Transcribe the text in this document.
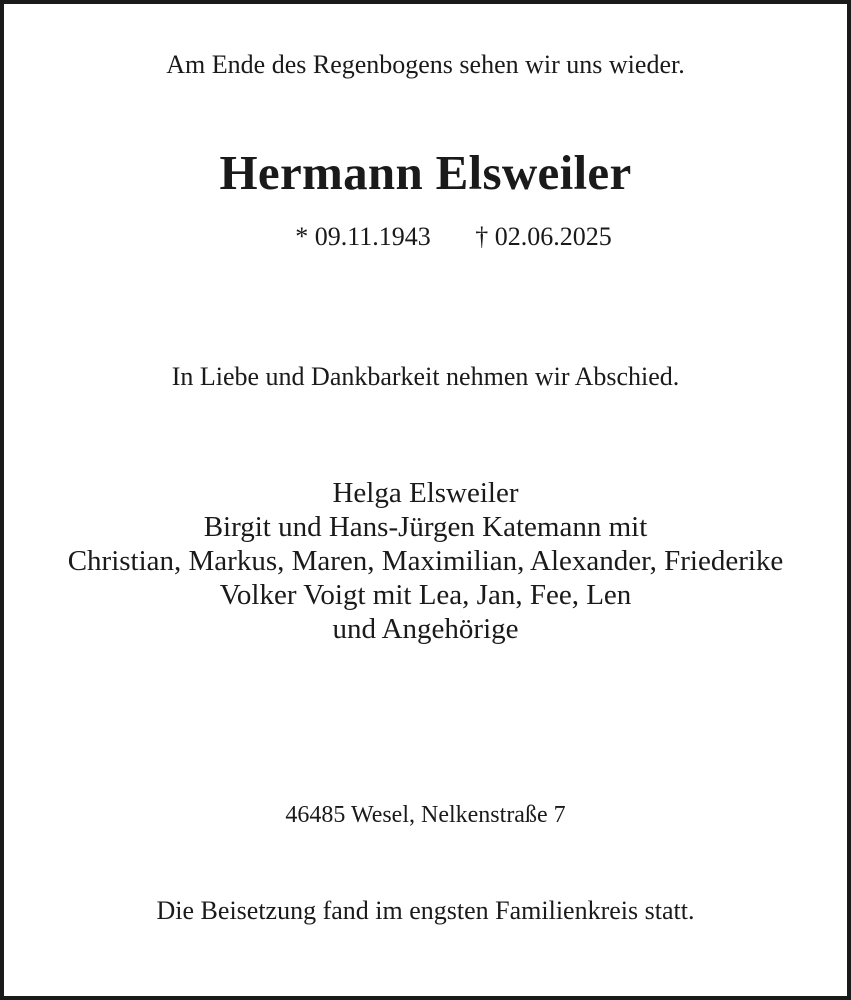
Am Ende des Regenbogens sehen wir uns wieder.
Hermann Elsweiler
* 09.11.1943 † 02.06.2025
In Liebe und Dankbarkeit nehmen wir Abschied.
Helga Elsweiler
Birgit und Hans-Jürgen Katemann mit
Christian, Markus, Maren, Maximilian, Alexander, Friederike
Volker Voigt mit Lea, Jan, Fee, Len
und Angehörige
46485 Wesel, Nelkenstraße 7
Die Beisetzung fand im engsten Familienkreis statt.
